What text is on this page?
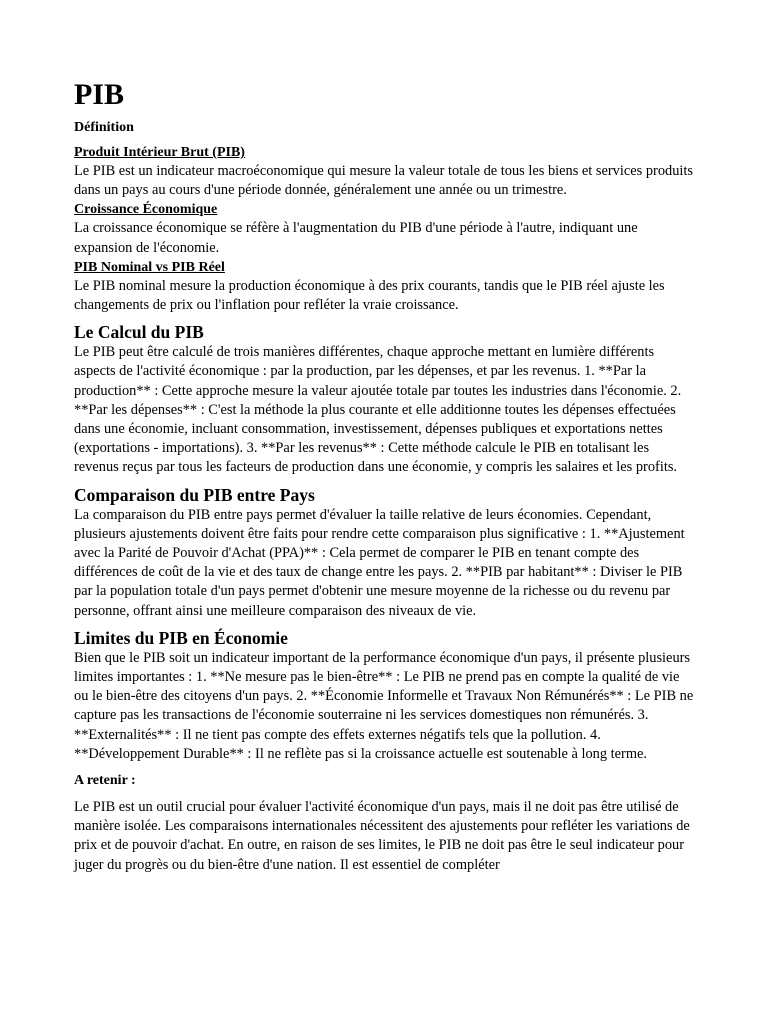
PIB
Définition
Produit Intérieur Brut (PIB)

Le PIB est un indicateur macroéconomique qui mesure la valeur totale de tous les biens et services produits dans un pays au cours d'une période donnée, généralement une année ou un trimestre.

Croissance Économique

La croissance économique se réfère à l'augmentation du PIB d'une période à l'autre, indiquant une expansion de l'économie.

PIB Nominal vs PIB Réel

Le PIB nominal mesure la production économique à des prix courants, tandis que le PIB réel ajuste les changements de prix ou l'inflation pour refléter la vraie croissance.

Le Calcul du PIB

Le PIB peut être calculé de trois manières différentes, chaque approche mettant en lumière différents aspects de l'activité économique : par la production, par les dépenses, et par les revenus. 1. **Par la production** : Cette approche mesure la valeur ajoutée totale par toutes les industries dans l'économie. 2. **Par les dépenses** : C'est la méthode la plus courante et elle additionne toutes les dépenses effectuées dans une économie, incluant consommation, investissement, dépenses publiques et exportations nettes (exportations - importations). 3. **Par les revenus** : Cette méthode calcule le PIB en totalisant les revenus reçus par tous les facteurs de production dans une économie, y compris les salaires et les profits.

Comparaison du PIB entre Pays

La comparaison du PIB entre pays permet d'évaluer la taille relative de leurs économies. Cependant, plusieurs ajustements doivent être faits pour rendre cette comparaison plus significative : 1. **Ajustement avec la Parité de Pouvoir d'Achat (PPA)** : Cela permet de comparer le PIB en tenant compte des différences de coût de la vie et des taux de change entre les pays. 2. **PIB par habitant** : Diviser le PIB par la population totale d'un pays permet d'obtenir une mesure moyenne de la richesse ou du revenu par personne, offrant ainsi une meilleure comparaison des niveaux de vie.

Limites du PIB en Économie

Bien que le PIB soit un indicateur important de la performance économique d'un pays, il présente plusieurs limites importantes : 1. **Ne mesure pas le bien-être** : Le PIB ne prend pas en compte la qualité de vie ou le bien-être des citoyens d'un pays. 2. **Économie Informelle et Travaux Non Rémunérés** : Le PIB ne capture pas les transactions de l'économie souterraine ni les services domestiques non rémunérés. 3. **Externalités** : Il ne tient pas compte des effets externes négatifs tels que la pollution. 4. **Développement Durable** : Il ne reflète pas si la croissance actuelle est soutenable à long terme.

A retenir :

Le PIB est un outil crucial pour évaluer l'activité économique d'un pays, mais il ne doit pas être utilisé de manière isolée. Les comparaisons internationales nécessitent des ajustements pour refléter les variations de prix et de pouvoir d'achat. En outre, en raison de ses limites, le PIB ne doit pas être le seul indicateur pour juger du progrès ou du bien-être d'une nation. Il est essentiel de compléter
